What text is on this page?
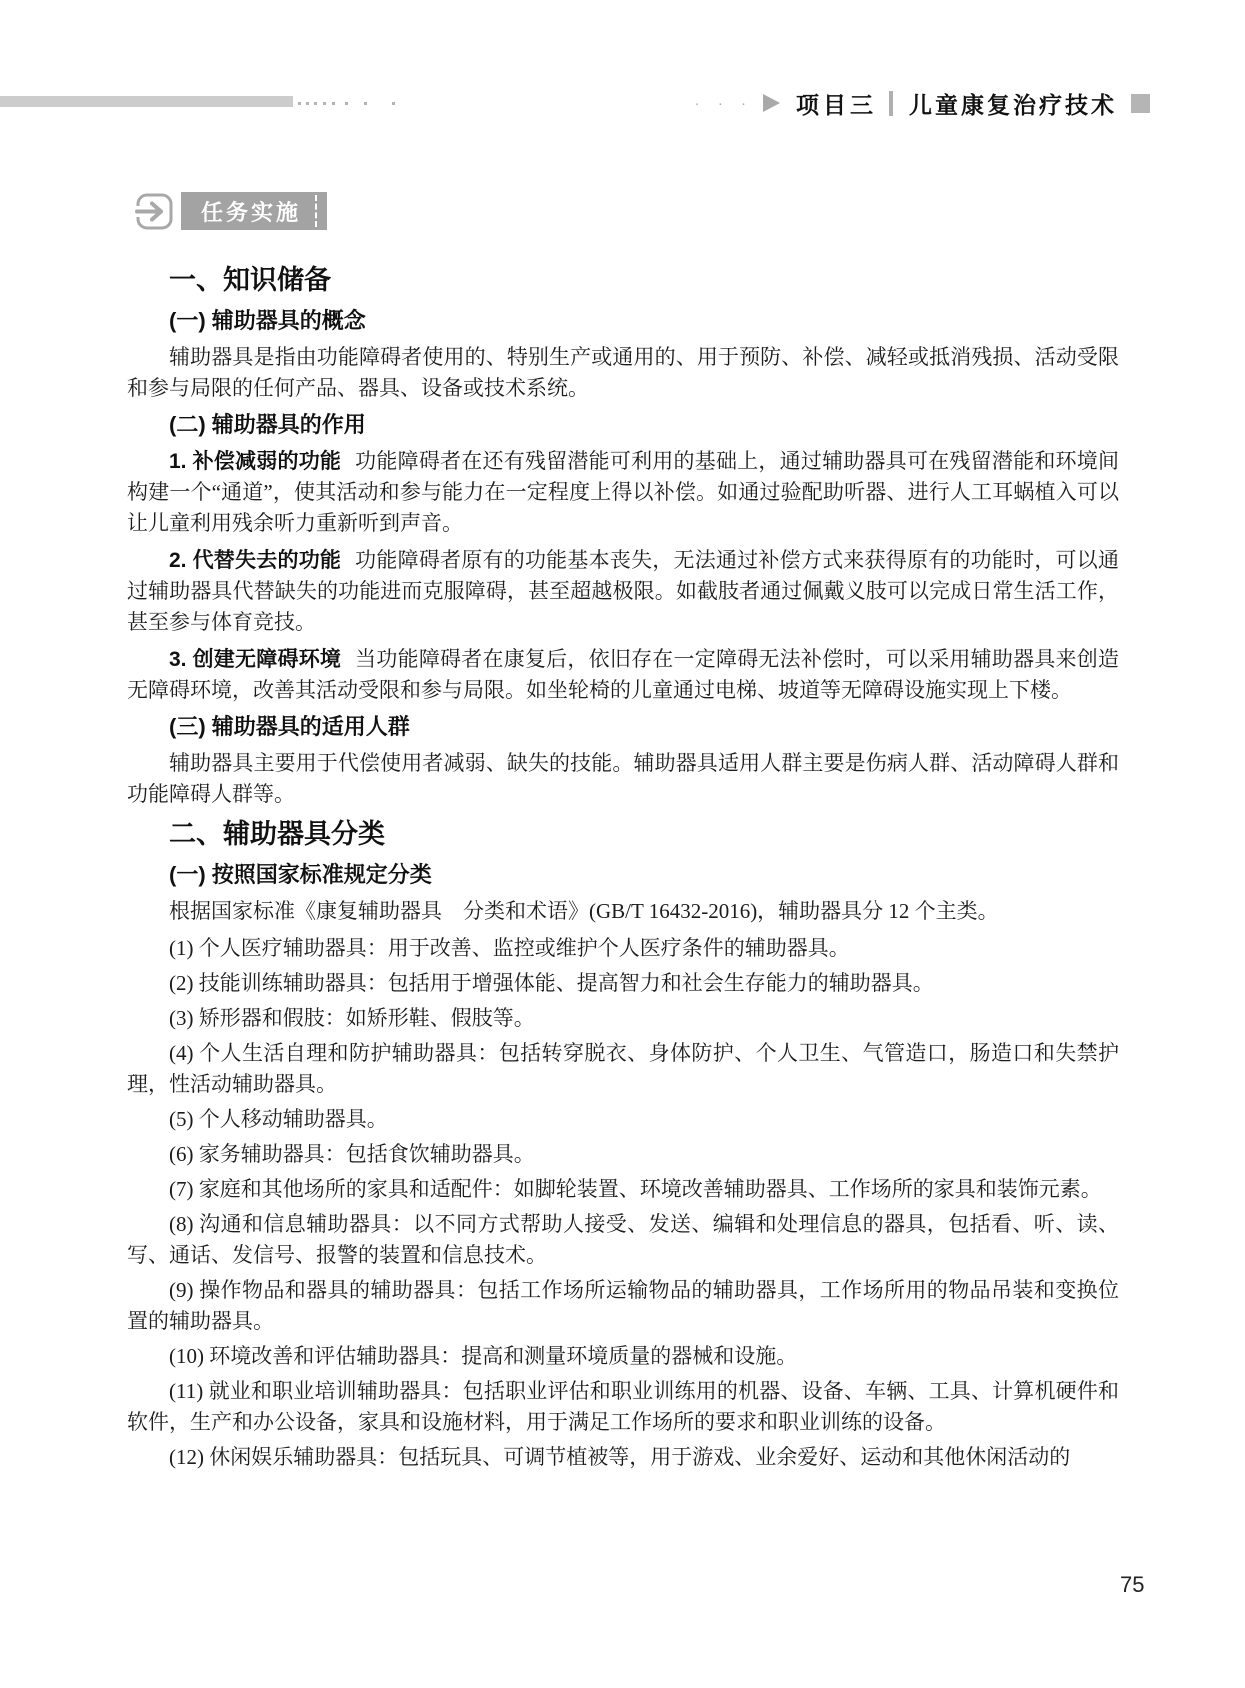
· · · 项目三 儿童康复治疗技术
任务实施
一、知识储备
(一) 辅助器具的概念

辅助器具是指由功能障碍者使用的、特别生产或通用的、用于预防、补偿、减轻或抵消残损、活动受限和参与局限的任何产品、器具、设备或技术系统。

(二) 辅助器具的作用

1. 补偿减弱的功能 功能障碍者在还有残留潜能可利用的基础上，通过辅助器具可在残留潜能和环境间构建一个“通道”，使其活动和参与能力在一定程度上得以补偿。如通过验配助听器、进行人工耳蜗植入可以让儿童利用残余听力重新听到声音。

2. 代替失去的功能 功能障碍者原有的功能基本丧失，无法通过补偿方式来获得原有的功能时，可以通过辅助器具代替缺失的功能进而克服障碍，甚至超越极限。如截肢者通过佩戴义肢可以完成日常生活工作，甚至参与体育竞技。

3. 创建无障碍环境 当功能障碍者在康复后，依旧存在一定障碍无法补偿时，可以采用辅助器具来创造无障碍环境，改善其活动受限和参与局限。如坐轮椅的儿童通过电梯、坡道等无障碍设施实现上下楼。

(三) 辅助器具的适用人群

辅助器具主要用于代偿使用者减弱、缺失的技能。辅助器具适用人群主要是伤病人群、活动障碍人群和功能障碍人群等。

二、辅助器具分类
(一) 按照国家标准规定分类

根据国家标准《康复辅助器具　分类和术语》(GB/T 16432-2016)，辅助器具分 12 个主类。

(1) 个人医疗辅助器具：用于改善、监控或维护个人医疗条件的辅助器具。

(2) 技能训练辅助器具：包括用于增强体能、提高智力和社会生存能力的辅助器具。

(3) 矫形器和假肢：如矫形鞋、假肢等。

(4) 个人生活自理和防护辅助器具：包括转穿脱衣、身体防护、个人卫生、气管造口，肠造口和失禁护理，性活动辅助器具。

(5) 个人移动辅助器具。

(6) 家务辅助器具：包括食饮辅助器具。

(7) 家庭和其他场所的家具和适配件：如脚轮装置、环境改善辅助器具、工作场所的家具和装饰元素。

(8) 沟通和信息辅助器具：以不同方式帮助人接受、发送、编辑和处理信息的器具，包括看、听、读、写、通话、发信号、报警的装置和信息技术。

(9) 操作物品和器具的辅助器具：包括工作场所运输物品的辅助器具，工作场所用的物品吊装和变换位置的辅助器具。

(10) 环境改善和评估辅助器具：提高和测量环境质量的器械和设施。

(11) 就业和职业培训辅助器具：包括职业评估和职业训练用的机器、设备、车辆、工具、计算机硬件和软件，生产和办公设备，家具和设施材料，用于满足工作场所的要求和职业训练的设备。

(12) 休闲娱乐辅助器具：包括玩具、可调节植被等，用于游戏、业余爱好、运动和其他休闲活动的

75
